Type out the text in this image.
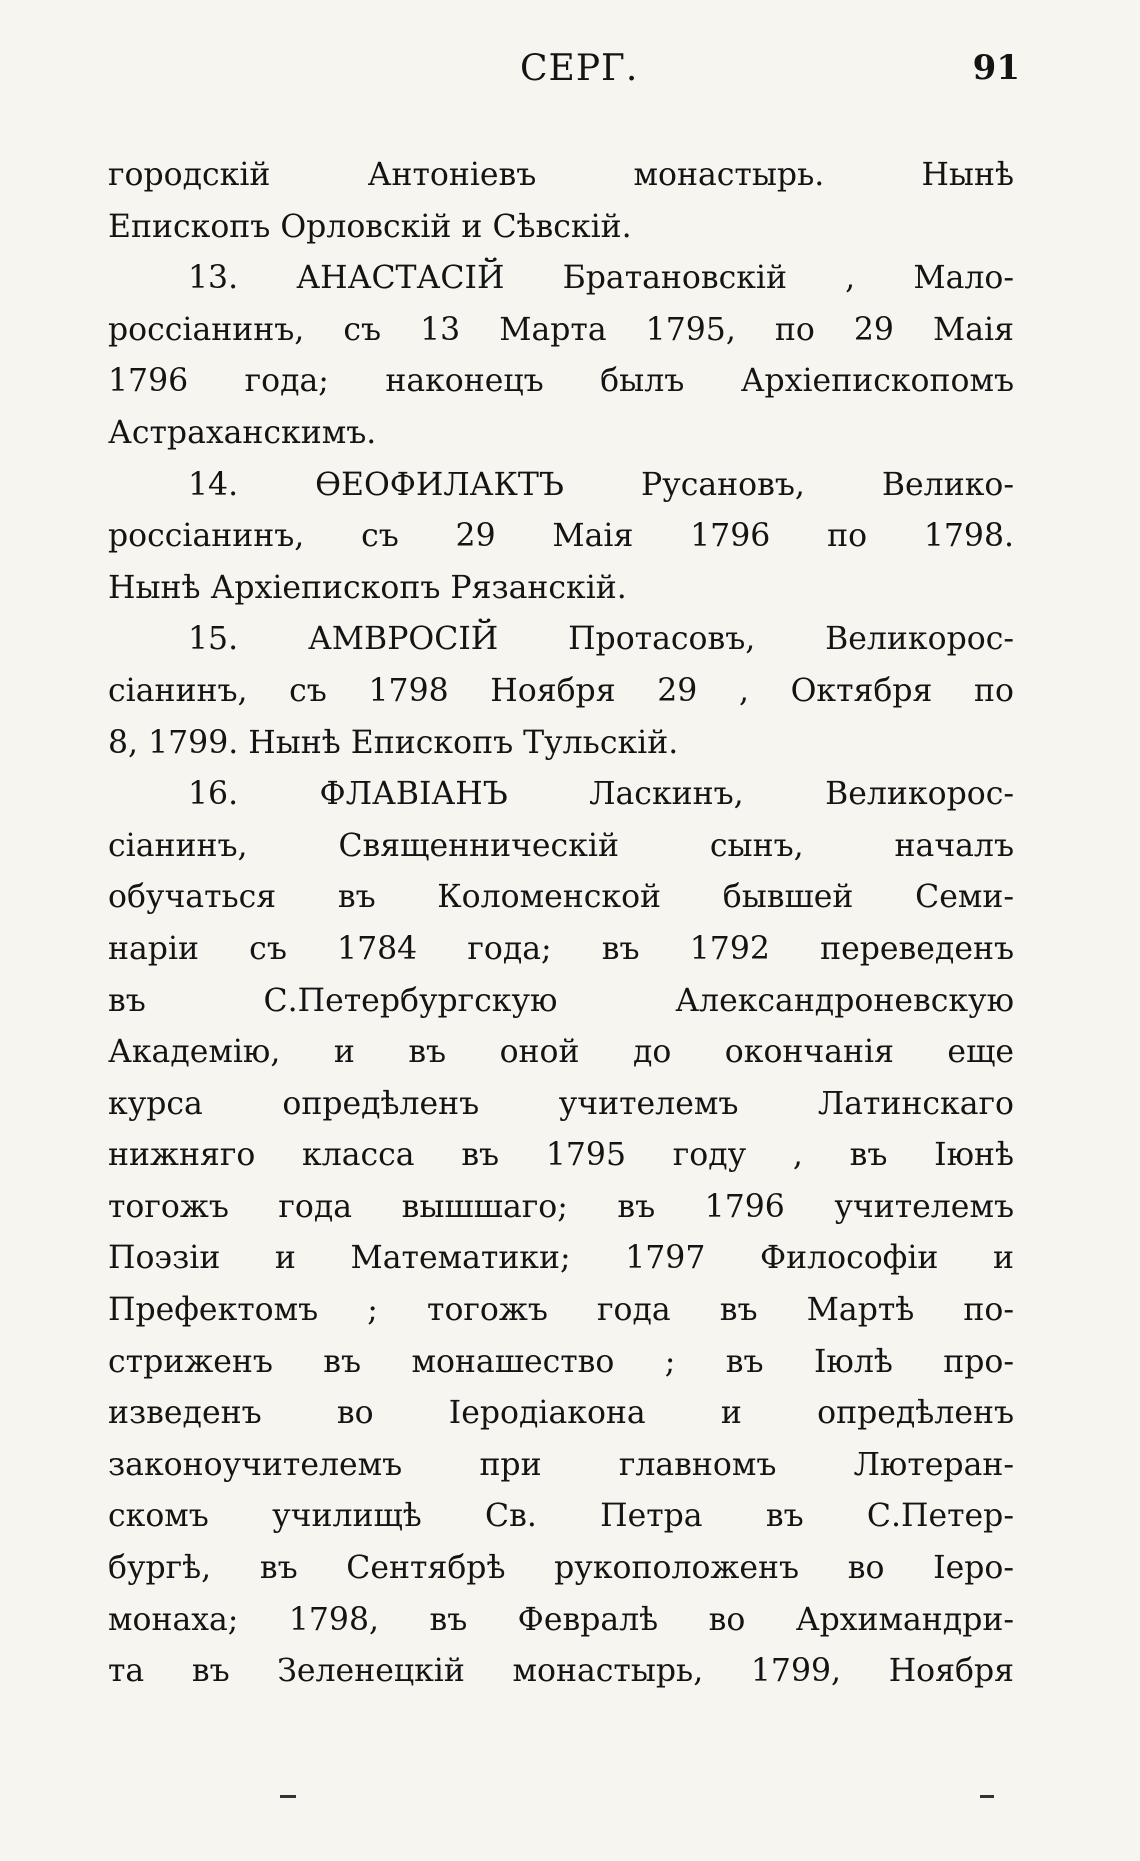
СЕРГ.	91
городскій Антоніевъ монастырь. Нынѣ
Епископъ Орловскій и Сѣвскій.
13. АНАСТАСІЙ Братановскій , Мало-
россіанинъ, съ 13 Марта 1795, по 29 Маія
1796 года; наконецъ былъ Архіепископомъ
Астраханскимъ.
14. ѲЕОФИЛАКТЪ Русановъ, Велико-
россіанинъ, съ 29 Маія 1796 по 1798.
Нынѣ Архіепископъ Рязанскій.
15. АМВРОСІЙ Протасовъ, Великорос-
сіанинъ, съ 1798 Ноября 29 , Октября по
8, 1799. Нынѣ Епископъ Тульскій.
16. ФЛАВІАНЪ Ласкинъ, Великорос-
сіанинъ, Священническій сынъ, началъ
обучаться въ Коломенской бывшей Семи-
наріи съ 1784 года; въ 1792 переведенъ
въ С.Петербургскую Александроневскую
Академію, и въ оной до окончанія еще
курса опредѣленъ учителемъ Латинскаго
нижняго класса въ 1795 году , въ Іюнѣ
тогожъ года вышшаго; въ 1796 учителемъ
Поэзіи и Математики; 1797 Философіи и
Префектомъ ; тогожъ года въ Мартѣ по-
стриженъ въ монашество ; въ Іюлѣ про-
изведенъ во Іеродіакона и опредѣленъ
законоучителемъ при главномъ Лютеран-
скомъ училищѣ Св. Петра въ С.Петер-
бургѣ, въ Сентябрѣ рукоположенъ во Іеро-
монаха; 1798, въ Февралѣ во Архимандри-
та въ Зеленецкій монастырь, 1799, Ноября
